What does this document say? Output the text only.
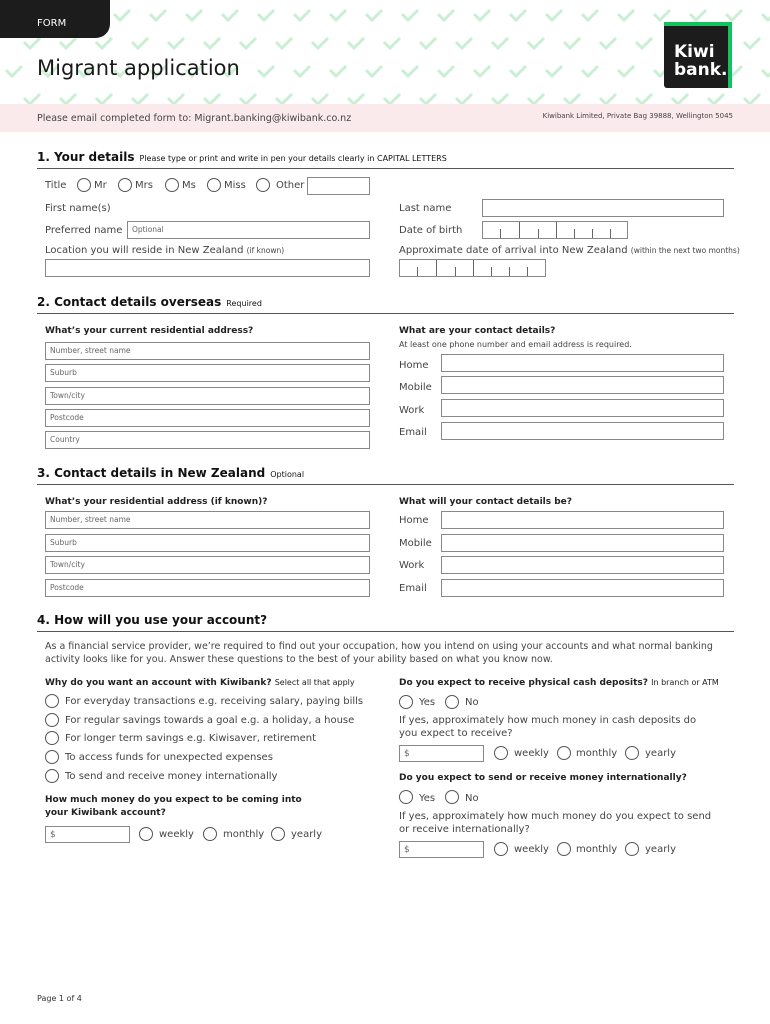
FORM
Migrant application
Kiwi
bank.
Please email completed form to: Migrant.banking@kiwibank.co.nz	Kiwibank Limited, Private Bag 39888, Wellington 5045
1. Your details Please type or print and write in pen your details clearly in CAPITAL LETTERS
Title	Mr	Mrs	Ms	Miss	Other
First name(s)	Last name
Preferred name	Optional	Date of birth
Location you will reside in New Zealand (if known)	Approximate date of arrival into New Zealand (within the next two months)
2. Contact details overseas Required
What’s your current residential address?
Number, street name
Suburb
Town/city
Postcode
Country
What are your contact details?
At least one phone number and email address is required.
Home
Mobile
Work
Email
3. Contact details in New Zealand Optional
What’s your residential address (if known)?
Number, street name
Suburb
Town/city
Postcode
What will your contact details be?
Home
Mobile
Work
Email
4. How will you use your account?
As a financial service provider, we’re required to find out your occupation, how you intend on using your accounts and what normal banking activity looks like for you. Answer these questions to the best of your ability based on what you know now.
Why do you want an account with Kiwibank? Select all that apply
For everyday transactions e.g. receiving salary, paying bills
For regular savings towards a goal e.g. a holiday, a house
For longer term savings e.g. Kiwisaver, retirement
To access funds for unexpected expenses
To send and receive money internationally
How much money do you expect to be coming into your Kiwibank account?
$	weekly	monthly	yearly
Do you expect to receive physical cash deposits? In branch or ATM
Yes	No
If yes, approximately how much money in cash deposits do you expect to receive?
$	weekly	monthly	yearly
Do you expect to send or receive money internationally?
Yes	No
If yes, approximately how much money do you expect to send or receive internationally?
$	weekly	monthly	yearly
Page 1 of 4
